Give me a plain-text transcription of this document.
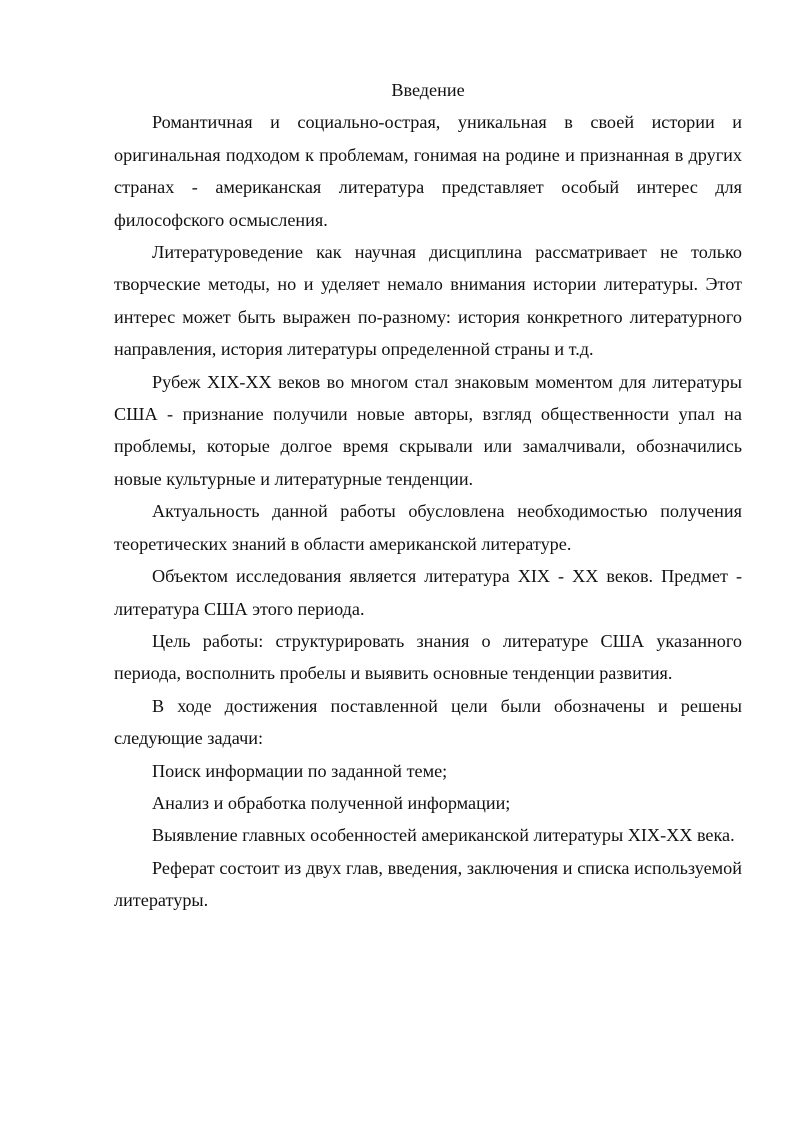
Введение

Романтичная и социально-острая, уникальная в своей истории и оригинальная подходом к проблемам, гонимая на родине и признанная в других странах - американская литература представляет особый интерес для философского осмысления.

Литературоведение как научная дисциплина рассматривает не только творческие методы, но и уделяет немало внимания истории литературы. Этот интерес может быть выражен по-разному: история конкретного литературного направления, история литературы определенной страны и т.д.

Рубеж XIX-XX веков во многом стал знаковым моментом для литературы США - признание получили новые авторы, взгляд общественности упал на проблемы, которые долгое время скрывали или замалчивали, обозначились новые культурные и литературные тенденции.

Актуальность данной работы обусловлена необходимостью получения теоретических знаний в области американской литературе.

Объектом исследования является литература XIX - XX веков. Предмет - литература США этого периода.

Цель работы: структурировать знания о литературе США указанного периода, восполнить пробелы и выявить основные тенденции развития.

В ходе достижения поставленной цели были обозначены и решены следующие задачи:

Поиск информации по заданной теме;

Анализ и обработка полученной информации;

Выявление главных особенностей американской литературы XIX-XX века.

Реферат состоит из двух глав, введения, заключения и списка используемой литературы.
